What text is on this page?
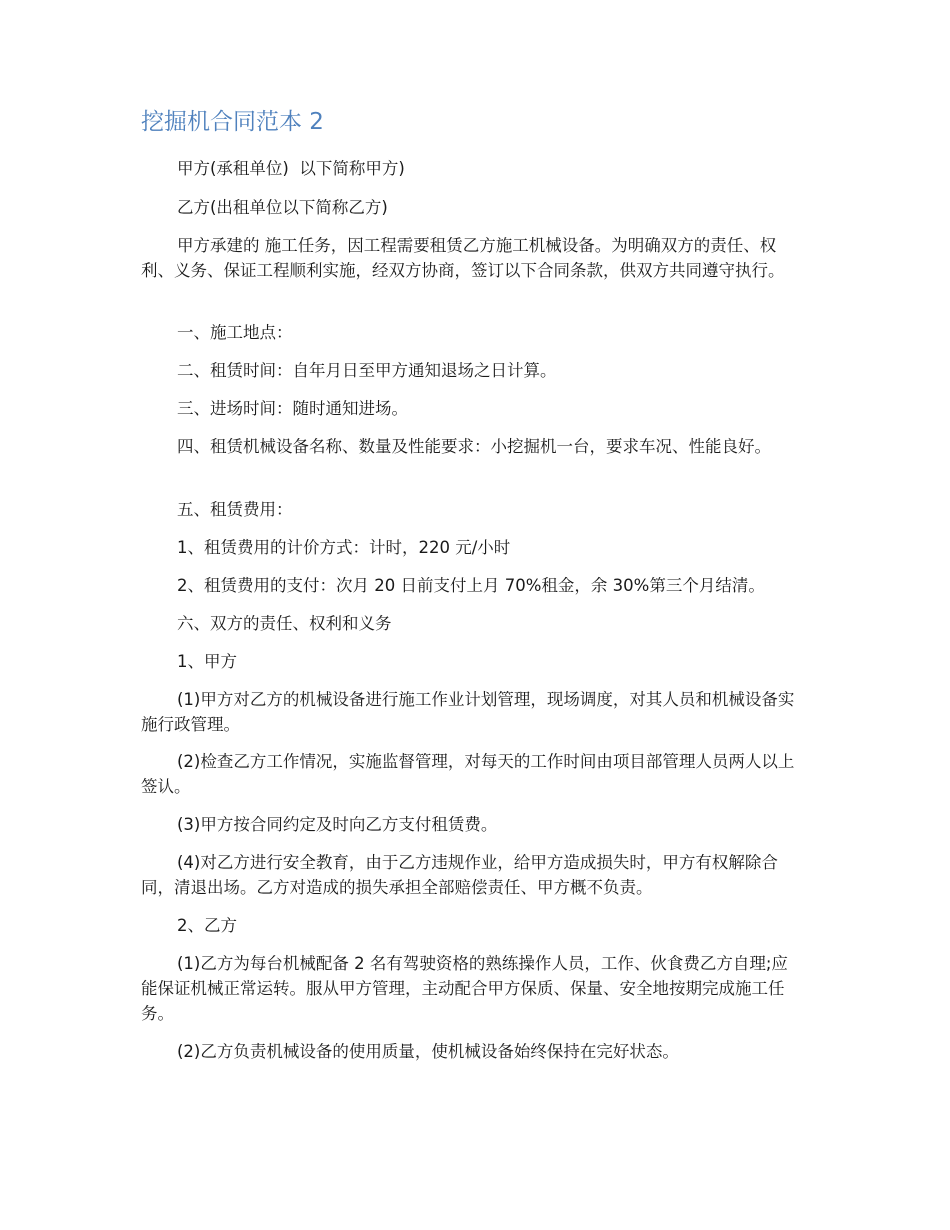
挖掘机合同范本 2

甲方(承租单位)  以下简称甲方)

乙方(出租单位以下简称乙方)

甲方承建的 施工任务，因工程需要租赁乙方施工机械设备。为明确双方的责任、权利、义务、保证工程顺利实施，经双方协商，签订以下合同条款，供双方共同遵守执行。

一、施工地点：

二、租赁时间：自年月日至甲方通知退场之日计算。

三、进场时间：随时通知进场。

四、租赁机械设备名称、数量及性能要求：小挖掘机一台，要求车况、性能良好。

五、租赁费用：

1、租赁费用的计价方式：计时，220 元/小时

2、租赁费用的支付：次月 20 日前支付上月 70%租金，余 30%第三个月结清。

六、双方的责任、权利和义务

1、甲方

(1)甲方对乙方的机械设备进行施工作业计划管理，现场调度，对其人员和机械设备实施行政管理。

(2)检查乙方工作情况，实施监督管理，对每天的工作时间由项目部管理人员两人以上签认。

(3)甲方按合同约定及时向乙方支付租赁费。

(4)对乙方进行安全教育，由于乙方违规作业，给甲方造成损失时，甲方有权解除合同，清退出场。乙方对造成的损失承担全部赔偿责任、甲方概不负责。

2、乙方

(1)乙方为每台机械配备 2 名有驾驶资格的熟练操作人员，工作、伙食费乙方自理;应能保证机械正常运转。服从甲方管理，主动配合甲方保质、保量、安全地按期完成施工任务。

(2)乙方负责机械设备的使用质量，使机械设备始终保持在完好状态。
